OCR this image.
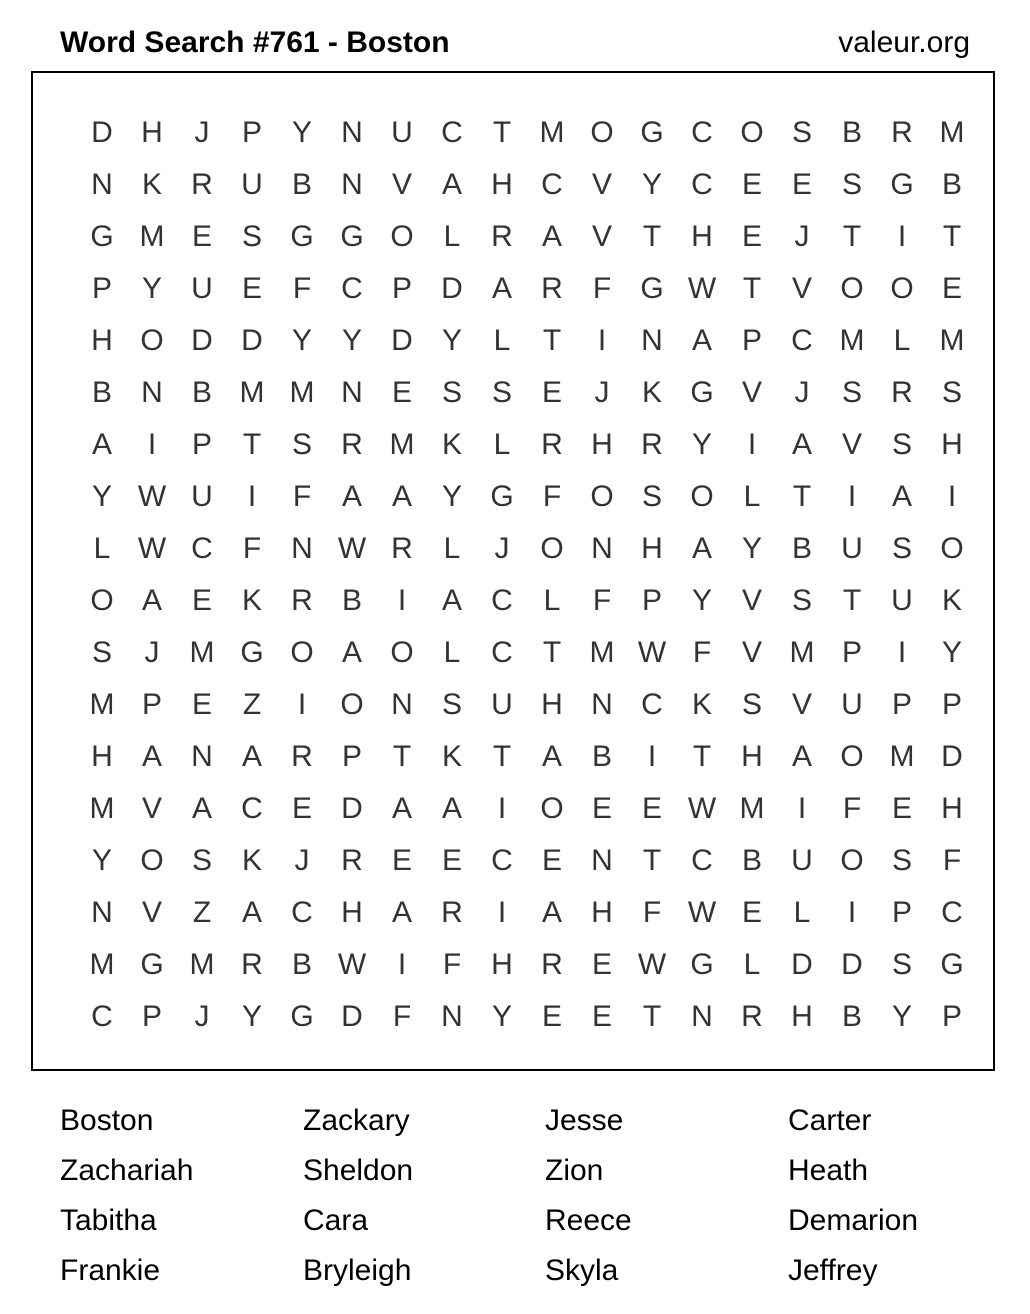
Word Search #761 - Boston	valeur.org
D H	J	P Y N U C	T M O G C O S B R M
N K R U B N V A H C V Y C E E S G B
G M E S G G O L	R A V	T	H E	J	T	I	T
P Y U E	F	C P D A R	F G W T	V O O E
H O D D Y Y D Y	L	T	I	N A P C M L M
B N B M M N E S S E	J	K G V	J	S R S
A	I	P	T	S R M K	L	R H R Y	I	A V S H
Y W U	I	F	A A Y G F O S O L	T	I	A	I
L W C	F	N W R	L	J	O N H A Y B U S O
O A E K R B	I	A C	L	F	P Y V S	T	U K
S	J	M G O A O L	C	T M W F	V M P	I	Y
M P E	Z	I	O N S U H N C K S V U P P
H A N A R P	T	K	T	A B	I	T	H A O M D
M V A C E D A A	I	O E E W M	I	F	E H
Y O S K	J	R E E C E N	T	C B U O S	F
N V	Z	A C H A R	I	A H	F W E	L	I	P C
M G M R B W	I	F	H R E W G L	D D S G
C P	J	Y G D	F	N Y E E	T	N R H B Y P
Boston	Zackary	Jesse	Carter
Zachariah	Sheldon	Zion	Heath
Tabitha	Cara	Reece	Demarion
Frankie	Bryleigh	Skyla	Jeffrey
